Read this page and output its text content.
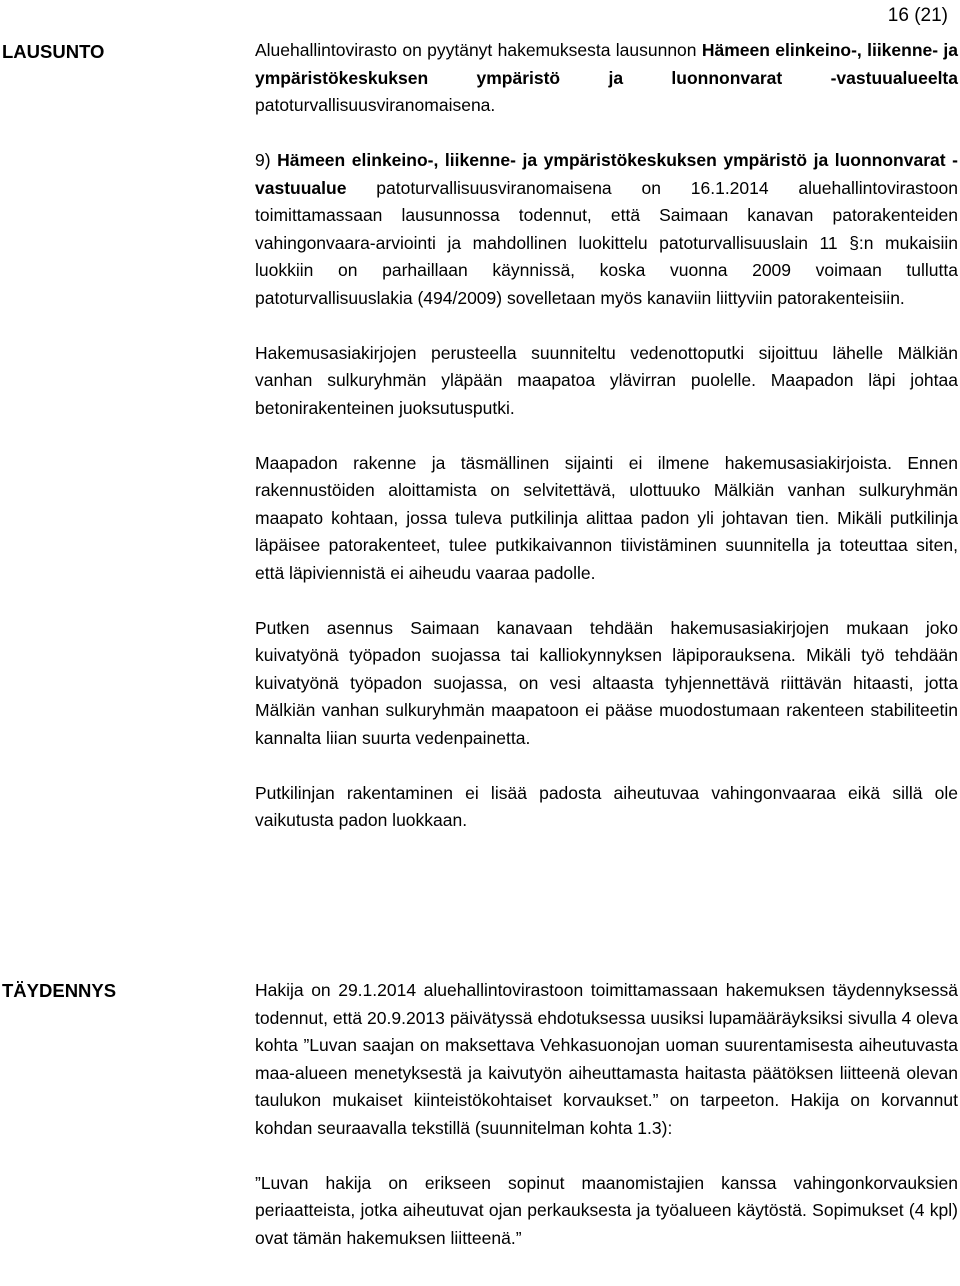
16 (21)
LAUSUNTO	Aluehallintovirasto on pyytänyt hakemuksesta lausunnon Hämeen elinkeino-, liikenne- ja ympäristökeskuksen ympäristö ja luonnonvarat -vastuualueelta patoturvallisuusviranomaisena.

9) Hämeen elinkeino-, liikenne- ja ympäristökeskuksen ympäristö ja luonnonvarat -vastuualue patoturvallisuusviranomaisena on 16.1.2014 aluehallintovirastoon toimittamassaan lausunnossa todennut, että Saimaan kanavan patorakenteiden vahingonvaara-arviointi ja mahdollinen luokittelu patoturvallisuuslain 11 §:n mukaisiin luokkiin on parhaillaan käynnissä, koska vuonna 2009 voimaan tullutta patoturvallisuuslakia (494/2009) sovelletaan myös kanaviin liittyviin patorakenteisiin.

Hakemusasiakirjojen perusteella suunniteltu vedenottoputki sijoittuu lähelle Mälkiän vanhan sulkuryhmän yläpään maapatoa ylävirran puolelle. Maapadon läpi johtaa betonirakenteinen juoksutusputki.

Maapadon rakenne ja täsmällinen sijainti ei ilmene hakemusasiakirjoista. Ennen rakennustöiden aloittamista on selvitettävä, ulottuuko Mälkiän vanhan sulkuryhmän maapato kohtaan, jossa tuleva putkilinja alittaa padon yli johtavan tien. Mikäli putkilinja läpäisee patorakenteet, tulee putkikaivannon tiivistäminen suunnitella ja toteuttaa siten, että läpiviennistä ei aiheudu vaaraa padolle.

Putken asennus Saimaan kanavaan tehdään hakemusasiakirjojen mukaan joko kuivatyönä työpadon suojassa tai kalliokynnyksen läpiporauksena. Mikäli työ tehdään kuivatyönä työpadon suojassa, on vesi altaasta tyhjennettävä riittävän hitaasti, jotta Mälkiän vanhan sulkuryhmän maapatoon ei pääse muodostumaan rakenteen stabiliteetin kannalta liian suurta vedenpainetta.

Putkilinjan rakentaminen ei lisää padosta aiheutuvaa vahingonvaaraa eikä sillä ole vaikutusta padon luokkaan.

TÄYDENNYS	Hakija on 29.1.2014 aluehallintovirastoon toimittamassaan hakemuksen täydennyksessä todennut, että 20.9.2013 päivätyssä ehdotuksessa uusiksi lupamääräyksiksi sivulla 4 oleva kohta ”Luvan saajan on maksettava Vehkasuonojan uoman suurentamisesta aiheutuvasta maa-alueen menetyksestä ja kaivutyön aiheuttamasta haitasta päätöksen liitteenä olevan taulukon mukaiset kiinteistökohtaiset korvaukset.” on tarpeeton. Hakija on korvannut kohdan seuraavalla tekstillä (suunnitelman kohta 1.3):

”Luvan hakija on erikseen sopinut maanomistajien kanssa vahingonkorvauksien periaatteista, jotka aiheutuvat ojan perkauksesta ja työalueen käytöstä. Sopimukset (4 kpl) ovat tämän hakemuksen liitteenä.”
